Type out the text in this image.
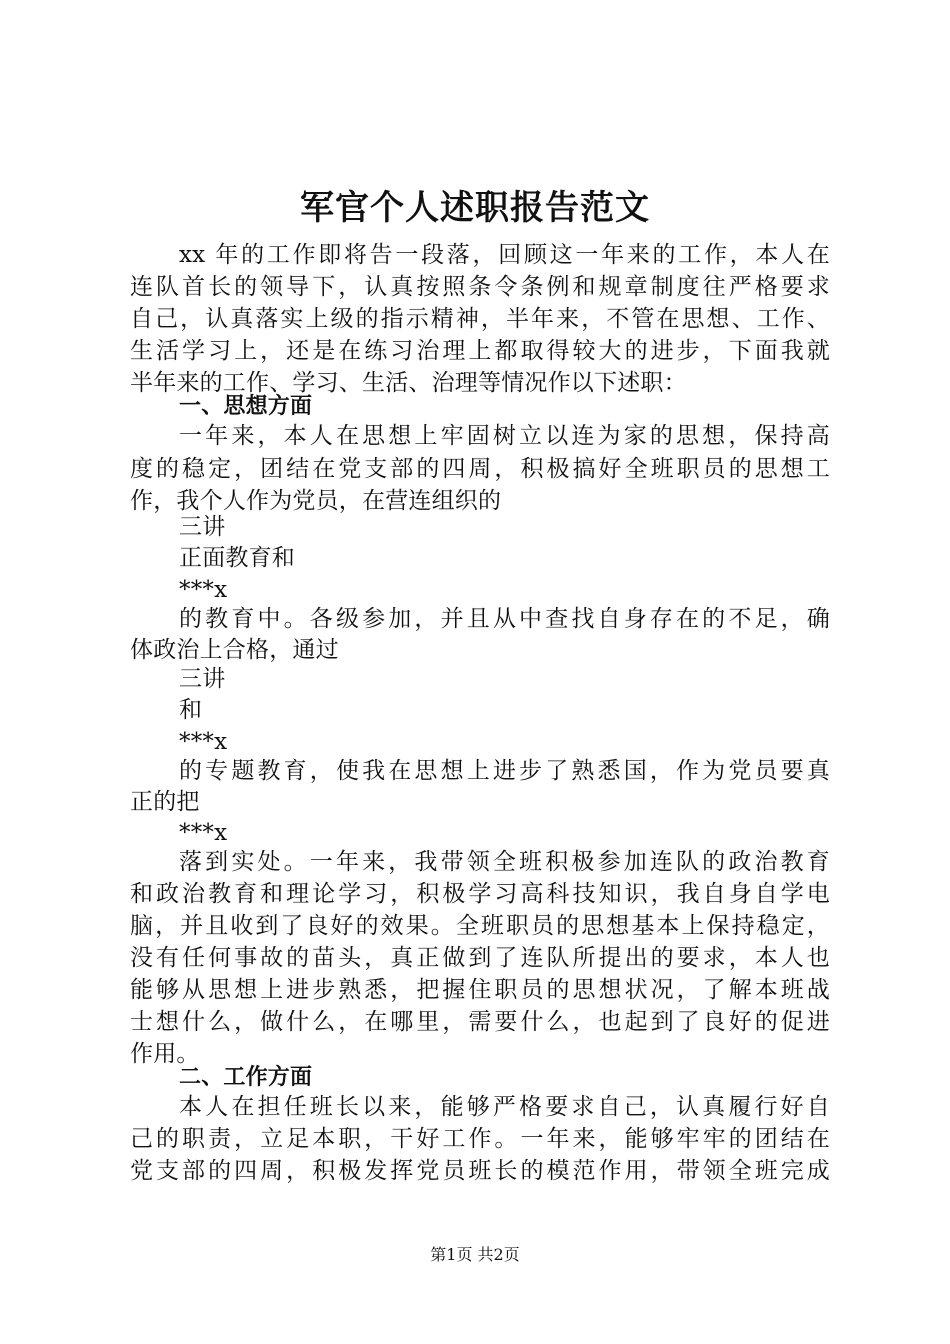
军官个人述职报告范文
xx 年的工作即将告一段落，回顾这一年来的工作，本人在
连队首长的领导下，认真按照条令条例和规章制度往严格要求
自己，认真落实上级的指示精神，半年来，不管在思想、工作、
生活学习上，还是在练习治理上都取得较大的进步，下面我就
半年来的工作、学习、生活、治理等情况作以下述职：
一、思想方面
一年来，本人在思想上牢固树立以连为家的思想，保持高
度的稳定，团结在党支部的四周，积极搞好全班职员的思想工
作，我个人作为党员，在营连组织的
三讲
正面教育和
***x
的教育中。各级参加，并且从中查找自身存在的不足，确
体政治上合格，通过
三讲
和
***x
的专题教育，使我在思想上进步了熟悉国，作为党员要真
正的把
***x
落到实处。一年来，我带领全班积极参加连队的政治教育
和政治教育和理论学习，积极学习高科技知识，我自身自学电
脑，并且收到了良好的效果。全班职员的思想基本上保持稳定，
没有任何事故的苗头，真正做到了连队所提出的要求，本人也
能够从思想上进步熟悉，把握住职员的思想状况，了解本班战
士想什么，做什么，在哪里，需要什么，也起到了良好的促进
作用。
二、工作方面
本人在担任班长以来，能够严格要求自己，认真履行好自
己的职责，立足本职，干好工作。一年来，能够牢牢的团结在
党支部的四周，积极发挥党员班长的模范作用，带领全班完成
第1页 共2页
